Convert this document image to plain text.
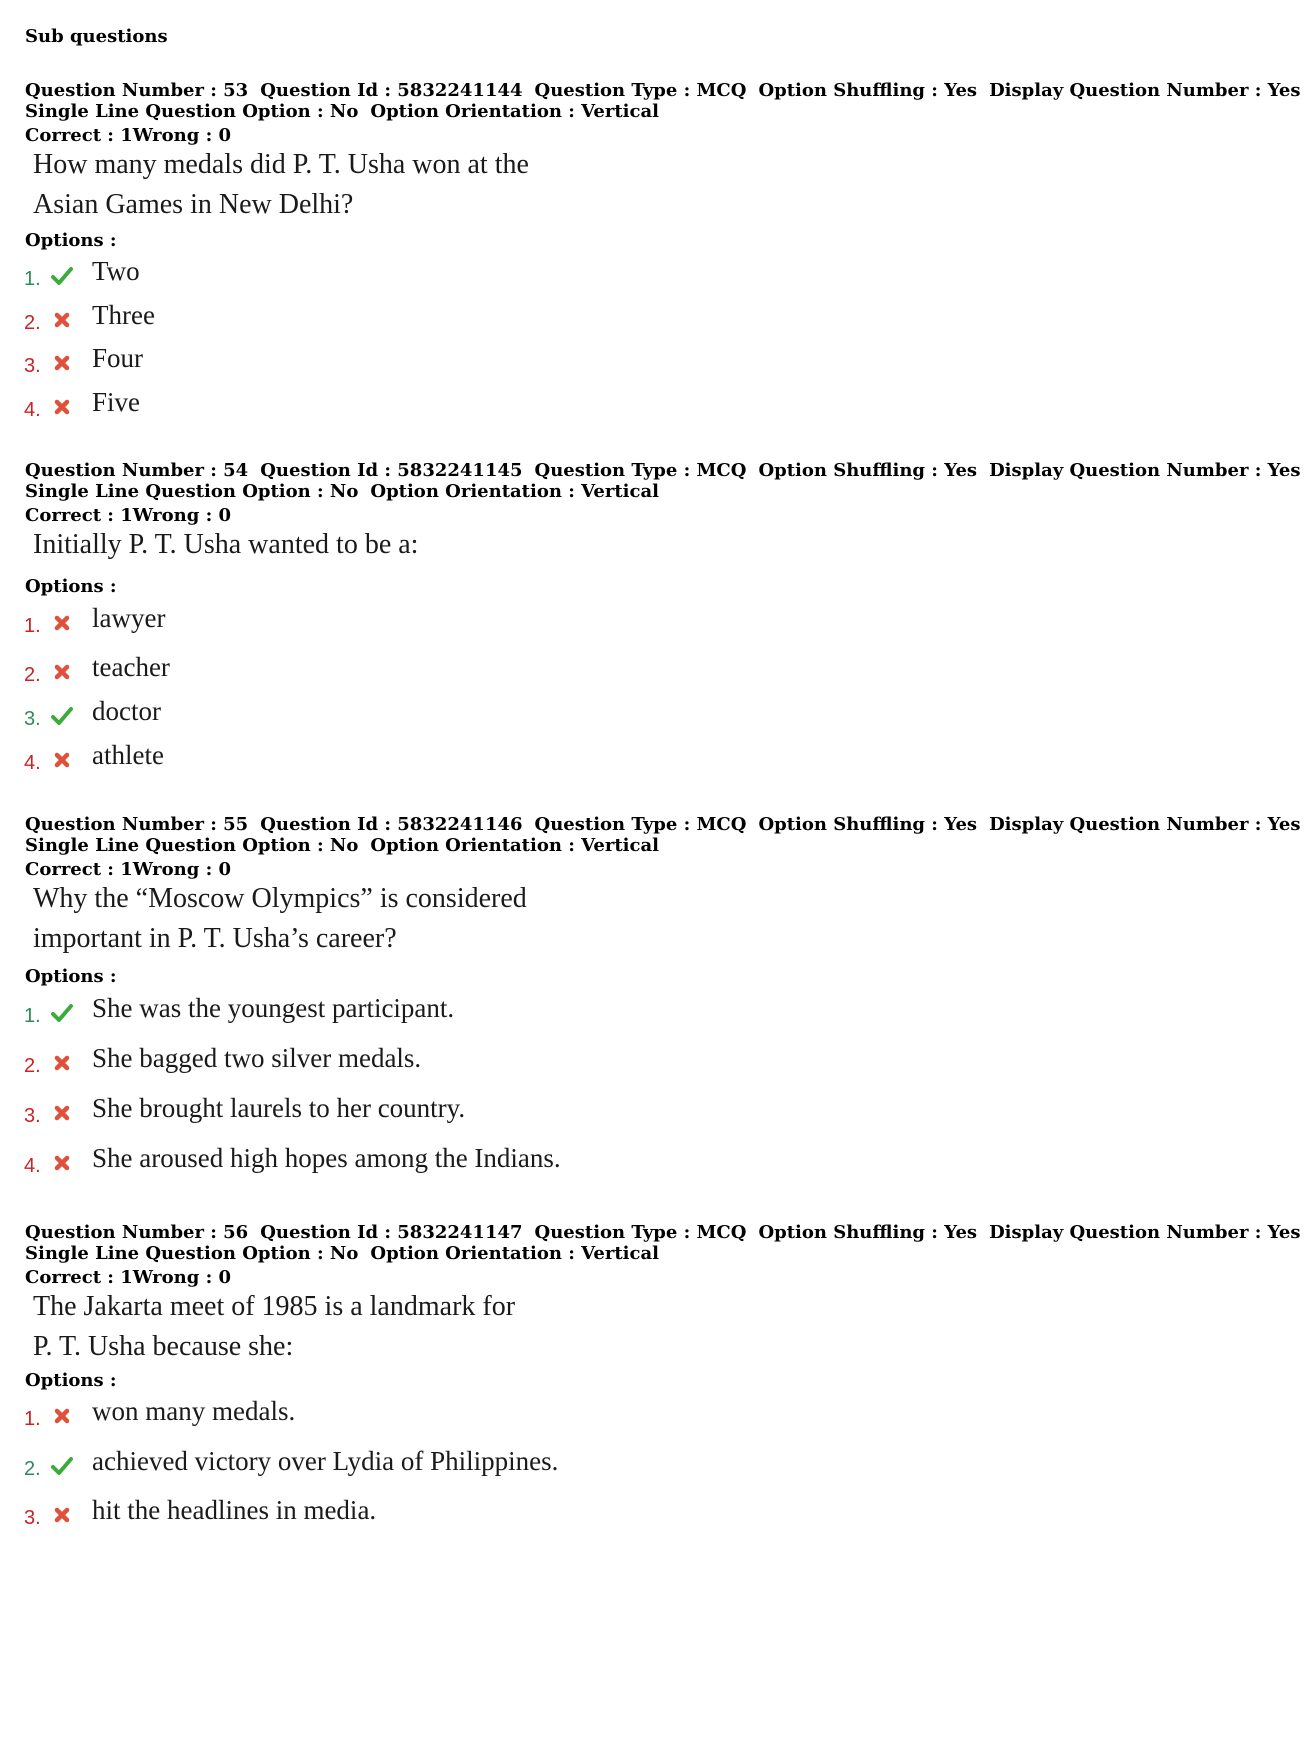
Sub questions
Question Number : 53 Question Id : 5832241144 Question Type : MCQ Option Shuffling : Yes Display Question Number : Yes
Single Line Question Option : No Option Orientation : Vertical
Correct : 1Wrong : 0
How many medals did P. T. Usha won at the
Asian Games in New Delhi?
Options :
1. Two
2. Three
3. Four
4. Five
Question Number : 54 Question Id : 5832241145 Question Type : MCQ Option Shuffling : Yes Display Question Number : Yes
Single Line Question Option : No Option Orientation : Vertical
Correct : 1Wrong : 0
Initially P. T. Usha wanted to be a:
Options :
1. lawyer
2. teacher
3. doctor
4. athlete
Question Number : 55 Question Id : 5832241146 Question Type : MCQ Option Shuffling : Yes Display Question Number : Yes
Single Line Question Option : No Option Orientation : Vertical
Correct : 1Wrong : 0
Why the “Moscow Olympics” is considered
important in P. T. Usha’s career?
Options :
1. She was the youngest participant.
2. She bagged two silver medals.
3. She brought laurels to her country.
4. She aroused high hopes among the Indians.
Question Number : 56 Question Id : 5832241147 Question Type : MCQ Option Shuffling : Yes Display Question Number : Yes
Single Line Question Option : No Option Orientation : Vertical
Correct : 1Wrong : 0
The Jakarta meet of 1985 is a landmark for
P. T. Usha because she:
Options :
1. won many medals.
2. achieved victory over Lydia of Philippines.
3. hit the headlines in media.
